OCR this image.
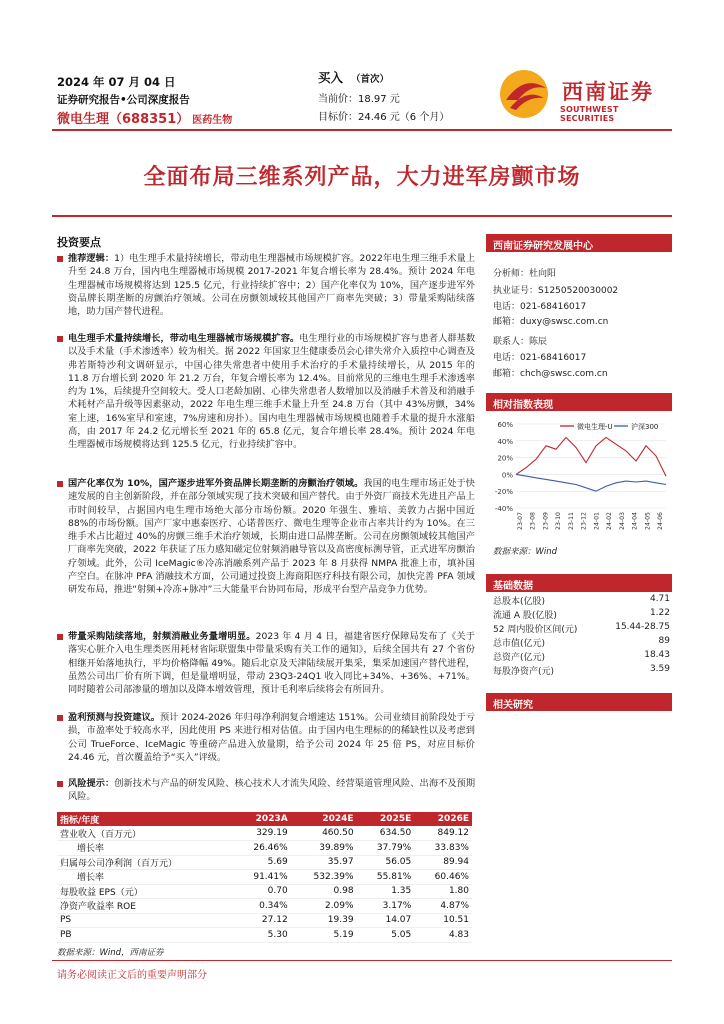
2024 年 07 月 04 日
证券研究报告•公司深度报告
微电生理（688351） 医药生物
买入 （首次）
当前价：18.97 元
目标价：24.46 元（6 个月）
西南证券
SOUTHWEST SECURITIES
全面布局三维系列产品，大力进军房颤市场
投资要点
推荐逻辑：1）电生理手术量持续增长，带动电生理器械市场规模扩容。2022年电生理三维手术量上升至 24.8 万台，国内电生理器械市场规模 2017-2021 年复合增长率为 28.4%。预计 2024 年电生理器械市场规模将达到 125.5 亿元，行业持续扩容中；2）国产化率仅为 10%，国产逐步进军外资品牌长期垄断的房颤治疗领域。公司在房颤领域较其他国产厂商率先突破；3）带量采购陆续落地，助力国产替代进程。
电生理手术量持续增长，带动电生理器械市场规模扩容。电生理行业的市场规模扩容与患者人群基数以及手术量（手术渗透率）较为相关。据 2022 年国家卫生健康委员会心律失常介入质控中心调查及弗若斯特沙利文调研显示，中国心律失常患者中使用手术治疗的手术量持续增长，从 2015 年的 11.8 万台增长到 2020 年 21.2 万台，年复合增长率为 12.4%。目前常见的三维电生理手术渗透率约为 1%，后续提升空间较大。受人口老龄加剧、心律失常患者人数增加以及消融手术普及和消融手术耗材产品升级等因素驱动，2022 年电生理三维手术量上升至 24.8 万台（其中 43%房颤，34%室上速，16%室早和室速，7%房速和房扑）。国内电生理器械市场规模也随着手术量的提升水涨船高，由 2017 年 24.2 亿元增长至 2021 年的 65.8 亿元，复合年增长率 28.4%。预计 2024 年电生理器械市场规模将达到 125.5 亿元，行业持续扩容中。
国产化率仅为 10%，国产逐步进军外资品牌长期垄断的房颤治疗领域。我国的电生理市场正处于快速发展的自主创新阶段，并在部分领域实现了技术突破和国产替代。由于外资厂商技术先进且产品上市时间较早，占据国内电生理市场绝大部分市场份额。2020 年强生、雅培、美敦力占据中国近 88%的市场份额。国产厂家中惠泰医疗、心诺普医疗、微电生理等企业市占率共计约为 10%。在三维手术占比超过 40%的房颤三维手术治疗领域，长期由进口品牌垄断。公司在房颤领域较其他国产厂商率先突破，2022 年获证了压力感知磁定位射频消融导管以及高密度标测导管，正式进军房颤治疗领域。此外，公司 IceMagic®冷冻消融系列产品于 2023 年 8 月获得 NMPA 批准上市，填补国产空白。在脉冲 PFA 消融技术方面，公司通过投资上海商阳医疗科技有限公司，加快完善 PFA 领域研发布局，推进“射频+冷冻+脉冲”三大能量平台协同布局，形成平台型产品竞争力优势。
带量采购陆续落地，射频消融业务量增明显。2023 年 4 月 4 日，福建省医疗保障局发布了《关于落实心脏介入电生理类医用耗材省际联盟集中带量采购有关工作的通知》，后续全国共有 27 个省份相继开始落地执行，平均价格降幅 49%。随后北京及天津陆续展开集采，集采加速国产替代进程，虽然公司出厂价有所下调，但是量增明显，带动 23Q3-24Q1 收入同比+34%、+36%、+71%。同时随着公司部渗量的增加以及降本增效管理，预计毛利率后续将会有所回升。
盈利预测与投资建议。预计 2024-2026 年归母净利润复合增速达 151%。公司业绩目前阶段处于亏损，市盈率处于较高水平，因此使用 PS 来进行相对估值。由于国内电生理标的的稀缺性以及考虑到公司 TrueForce、IceMagic 等重磅产品进入放量期，给予公司 2024 年 25 倍 PS，对应目标价 24.46 元，首次覆盖给予“买入”评级。
风险提示：创新技术与产品的研发风险、核心技术人才流失风险、经营渠道管理风险、出海不及预期风险。
西南证券研究发展中心
分析师：杜向阳
执业证号：S1250520030002
电话：021-68416017
邮箱：duxy@swsc.com.cn
联系人：陈辰
电话：021-68416017
邮箱：chch@swsc.com.cn
相对指数表现
60%
40%
20%
0%
-20%
-40%
23-07 23-08 23-09 23-10 23-11 23-12 24-01 24-02 24-03 24-04 24-05 24-06
微电生理-U	沪深300
数据来源：Wind
基础数据
总股本(亿股)	4.71
流通 A 股(亿股)	1.22
52 周内股价区间(元)	15.44-28.75
总市值(亿元)	89
总资产(亿元)	18.43
每股净资产(元)	3.59
相关研究
指标/年度	2023A	2024E	2025E	2026E
营业收入（百万元）	329.19	460.50	634.50	849.12
增长率	26.46%	39.89%	37.79%	33.83%
归属母公司净利润（百万元）	5.69	35.97	56.05	89.94
增长率	91.41%	532.39%	55.81%	60.46%
每股收益 EPS（元）	0.70	0.98	1.35	1.80
净资产收益率 ROE	0.34%	2.09%	3.17%	4.87%
PS	27.12	19.39	14.07	10.51
PB	5.30	5.19	5.05	4.83
数据来源：Wind，西南证券
请务必阅读正文后的重要声明部分
